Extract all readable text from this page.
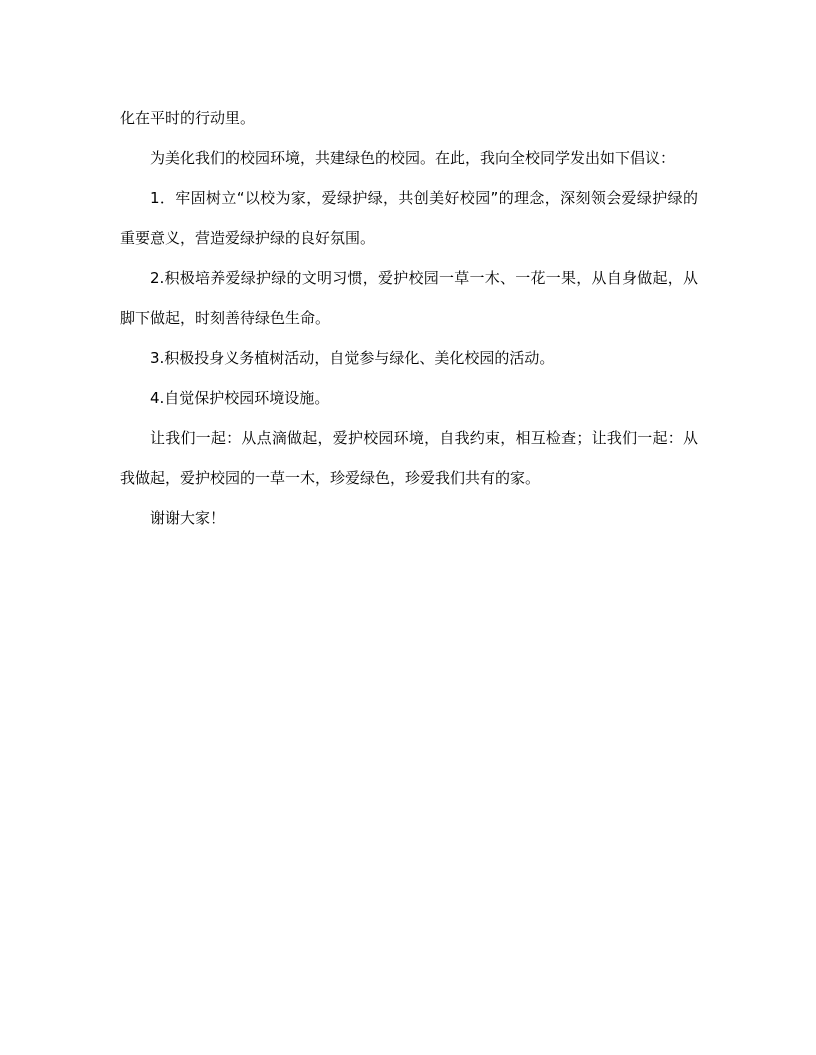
化在平时的行动里。

为美化我们的校园环境，共建绿色的校园。在此，我向全校同学发出如下倡议：

1．牢固树立“以校为家，爱绿护绿，共创美好校园”的理念，深刻领会爱绿护绿的重要意义，营造爱绿护绿的良好氛围。

2.积极培养爱绿护绿的文明习惯，爱护校园一草一木、一花一果，从自身做起，从脚下做起，时刻善待绿色生命。

3.积极投身义务植树活动，自觉参与绿化、美化校园的活动。

4.自觉保护校园环境设施。

让我们一起：从点滴做起，爱护校园环境，自我约束，相互检查；让我们一起：从我做起，爱护校园的一草一木，珍爱绿色，珍爱我们共有的家。

谢谢大家！
